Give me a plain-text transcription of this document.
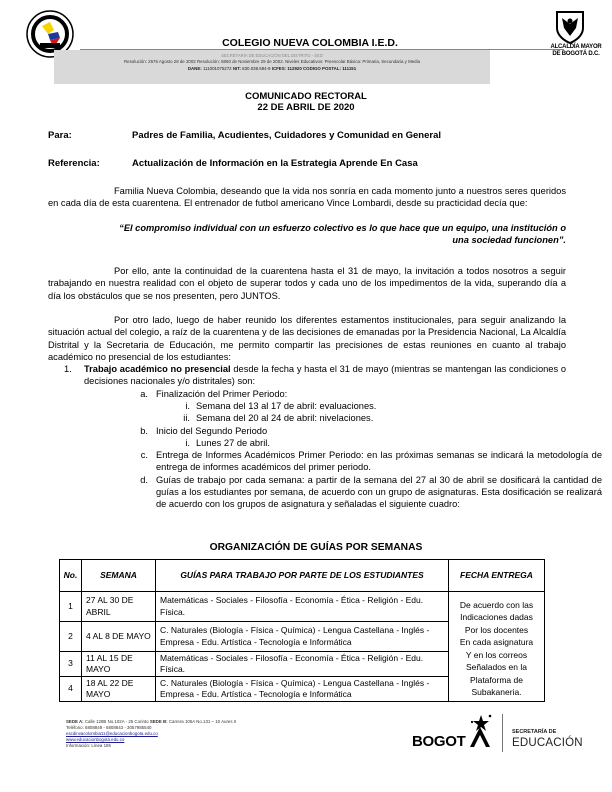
COLEGIO NUEVA COLOMBIA I.E.D.
SECRETARÍA DE EDUCACIÓN DEL DISTRITO - SED
Resolución: 2576 Agosto 28 de 2002 Resolución: 5860 de Noviembre 29 de 2002. Niveles Educativos: Preescolar Básica: Primaria, Secundaria y Media
DANE: 111001075272 NIT: 830.038.594-9 ICFES: 112920 CODIGO POSTAL: 111151
ALCALDÍA MAYOR
DE BOGOTÁ D.C.
COMUNICADO RECTORAL
22 DE ABRIL DE 2020
Para:	Padres de Familia, Acudientes, Cuidadores y Comunidad en General
Referencia:	Actualización de Información en la Estrategia Aprende En Casa
Familia Nueva Colombia, deseando que la vida nos sonría en cada momento junto a nuestros seres queridos en cada día de esta cuarentena. El entrenador de futbol americano Vince Lombardi, desde su practicidad decía que:
“El compromiso individual con un esfuerzo colectivo es lo que hace que un equipo, una institución o una sociedad funcionen”.
Por ello, ante la continuidad de la cuarentena hasta el 31 de mayo, la invitación a todos nosotros a seguir trabajando en nuestra realidad con el objeto de superar todos y cada uno de los impedimentos de la vida, superando día a día los obstáculos que se nos presenten, pero JUNTOS.
Por otro lado, luego de haber reunido los diferentes estamentos institucionales, para seguir analizando la situación actual del colegio, a raíz de la cuarentena y de las decisiones de emanadas por la Presidencia Nacional, La Alcaldía Distrital y la Secretaria de Educación, me permito compartir las precisiones de estas reuniones en cuanto al trabajo académico no presencial de los estudiantes:
1. Trabajo académico no presencial desde la fecha y hasta el 31 de mayo (mientras se mantengan las condiciones o decisiones nacionales y/o distritales) son:
a. Finalización del Primer Periodo:
i. Semana del 13 al 17 de abril: evaluaciones.
ii. Semana del 20 al 24 de abril: nivelaciones.
b. Inicio del Segundo Periodo
i. Lunes 27 de abril.
c. Entrega de Informes Académicos Primer Periodo: en las próximas semanas se indicará la metodología de entrega de informes académicos del primer periodo.
d. Guías de trabajo por cada semana: a partir de la semana del 27 al 30 de abril se dosificará la cantidad de guías a los estudiantes por semana, de acuerdo con un grupo de asignaturas. Esta dosificación se realizará de acuerdo con los grupos de asignatura y señaladas el siguiente cuadro:
ORGANIZACIÓN DE GUÍAS POR SEMANAS
No.	SEMANA	GUÍAS PARA TRABAJO POR PARTE DE LOS ESTUDIANTES	FECHA ENTREGA
1	27 AL 30 DE ABRIL	Matemáticas - Sociales - Filosofía - Economía - Ética - Religión - Edu. Física.	
De acuerdo con las
Indicaciones dadas
Por los docentes
En cada asignatura
Y en los correos
Señalados en la
Plataforma de
Subakaneria.

2	4 AL 8 DE MAYO	C. Naturales (Biología - Física - Química) - Lengua Castellana - Inglés - Empresa - Edu. Artística - Tecnología e Informática	
3	11 AL 15 DE MAYO	Matemáticas - Sociales - Filosofía - Economía - Ética - Religión - Edu. Física.	
4	18 AL 22 DE MAYO	C. Naturales (Biología - Física - Química) - Lengua Castellana - Inglés - Empresa - Edu. Artística - Tecnología e Informática	
SEDE A: Calle 128B No.102A - 25 Corinto SEDE B: Carrera 105A No.131 – 10 Aures II
Teléfono: 6808849 - 6808843 - 3057985540
escdinvacolombia11@educacionbogota.edu.co
www.educacionbogota.edu.co
Información: Línea 195	BOGOT
SECRETARÍA DE
EDUCACIÓN
